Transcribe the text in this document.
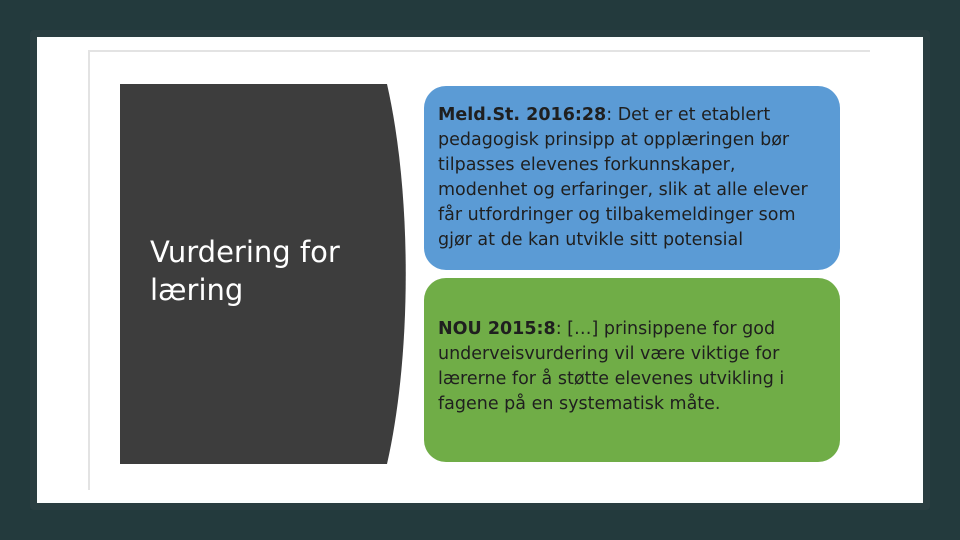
Vurdering for læring
Meld.St. 2016:28: Det er et etablert pedagogisk prinsipp at opplæringen bør tilpasses elevenes forkunnskaper, modenhet og erfaringer, slik at alle elever får utfordringer og tilbakemeldinger som gjør at de kan utvikle sitt potensial
NOU 2015:8: […] prinsippene for god underveisvurdering vil være viktige for lærerne for å støtte elevenes utvikling i fagene på en systematisk måte.
